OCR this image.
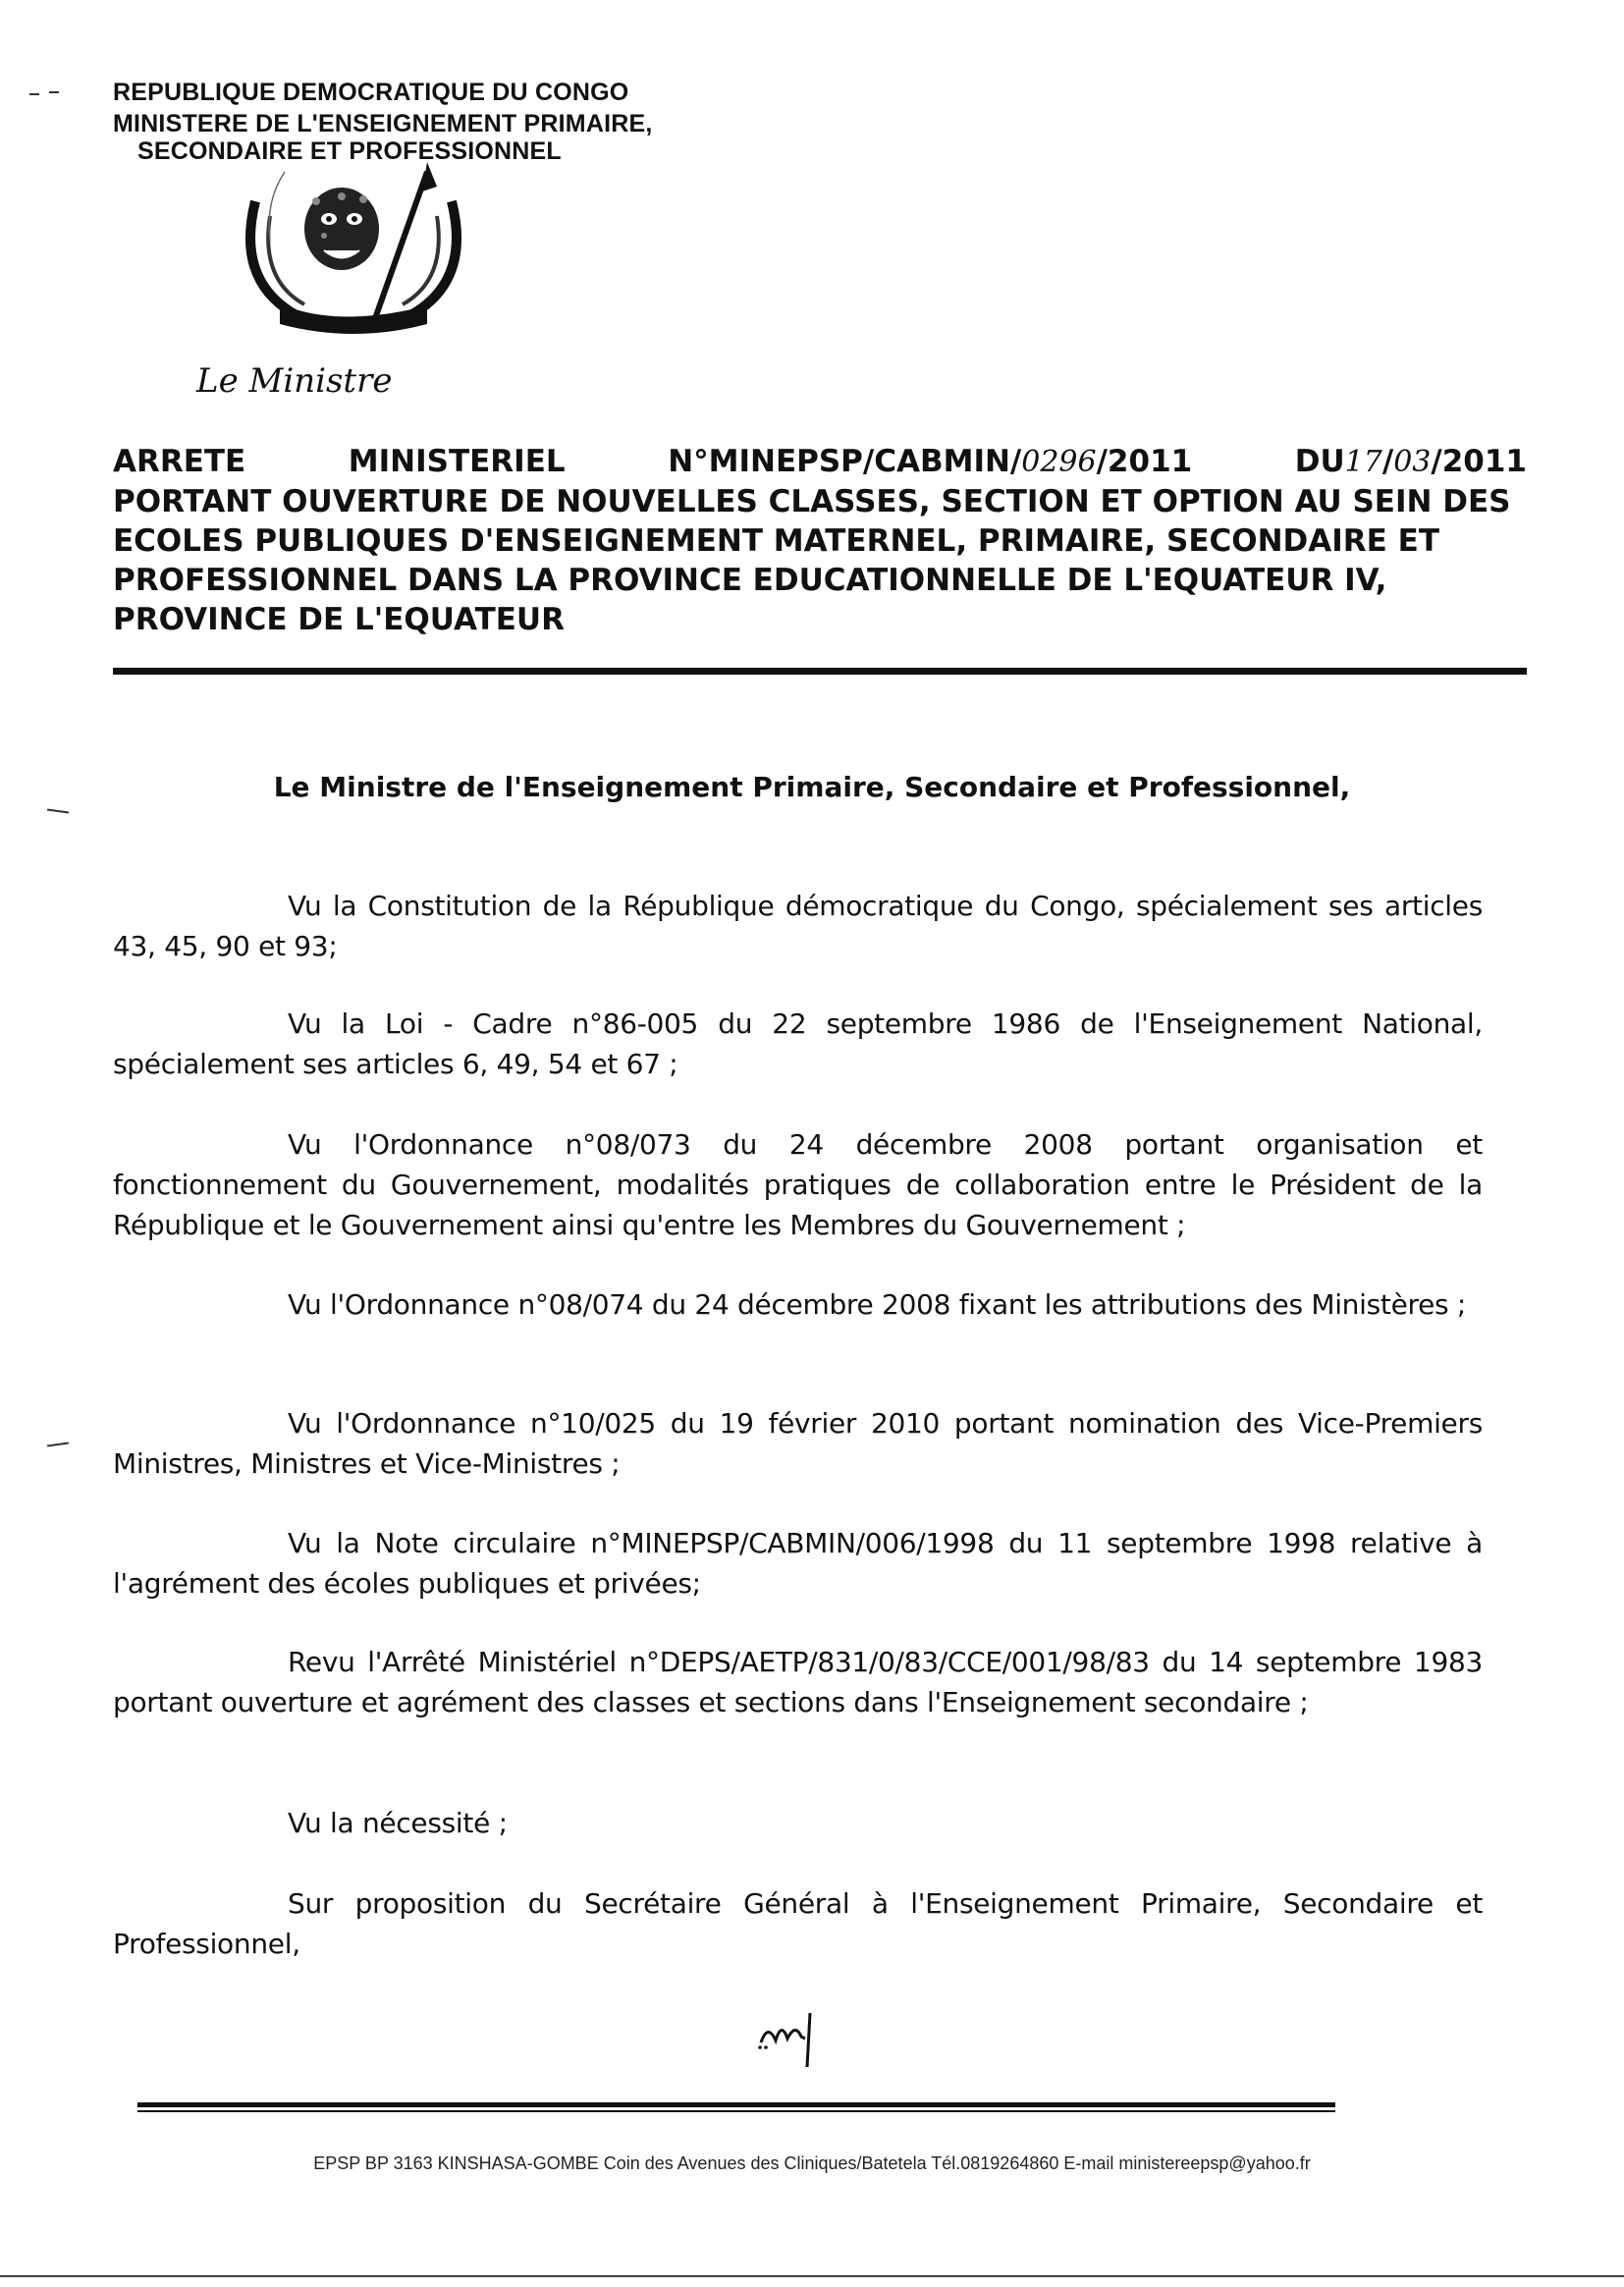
REPUBLIQUE DEMOCRATIQUE DU CONGO
MINISTERE DE L'ENSEIGNEMENT PRIMAIRE,
SECONDAIRE ET PROFESSIONNEL
Le Ministre
ARRETE	MINISTERIEL	N°MINEPSP/CABMIN/0296/2011	DU17/03/2011
PORTANT OUVERTURE DE NOUVELLES CLASSES, SECTION ET OPTION AU SEIN DES
ECOLES PUBLIQUES D'ENSEIGNEMENT MATERNEL, PRIMAIRE, SECONDAIRE ET
PROFESSIONNEL DANS LA PROVINCE EDUCATIONNELLE DE L'EQUATEUR IV,
PROVINCE DE L'EQUATEUR
Le Ministre de l'Enseignement Primaire, Secondaire et Professionnel,
Vu la Constitution de la République démocratique du Congo, spécialement ses articles 43, 45, 90 et 93;
Vu la Loi - Cadre n°86-005 du 22 septembre 1986 de l'Enseignement National, spécialement ses articles 6, 49, 54 et 67 ;
Vu l'Ordonnance n°08/073 du 24 décembre 2008 portant organisation et fonctionnement du Gouvernement, modalités pratiques de collaboration entre le Président de la République et le Gouvernement ainsi qu'entre les Membres du Gouvernement ;
Vu l'Ordonnance n°08/074 du 24 décembre 2008 fixant les attributions des Ministères ;
Vu l'Ordonnance n°10/025 du 19 février 2010 portant nomination des Vice-Premiers Ministres, Ministres et Vice-Ministres ;
Vu la Note circulaire n°MINEPSP/CABMIN/006/1998 du 11 septembre 1998 relative à l'agrément des écoles publiques et privées;
Revu l'Arrêté Ministériel n°DEPS/AETP/831/0/83/CCE/001/98/83 du 14 septembre 1983 portant ouverture et agrément des classes et sections dans l'Enseignement secondaire ;
Vu la nécessité ;
Sur proposition du Secrétaire Général à l'Enseignement Primaire, Secondaire et Professionnel,
EPSP BP 3163 KINSHASA-GOMBE Coin des Avenues des Cliniques/Batetela Tél.0819264860 E-mail ministereepsp@yahoo.fr
